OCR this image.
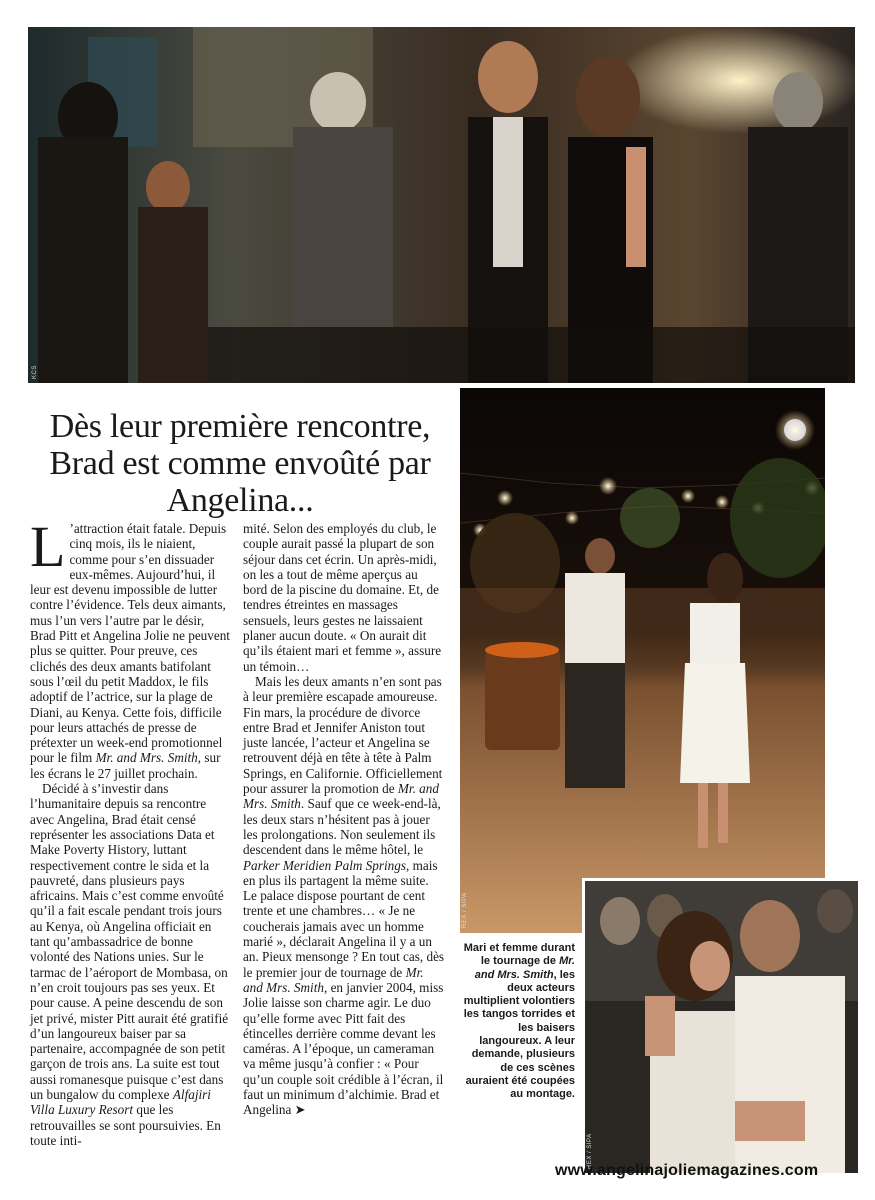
KCS
Dès leur première rencontre, Brad est comme envoûté par Angelina...

L ’attraction était fatale. Depuis cinq mois, ils le niaient, comme pour s’en dissuader eux-mêmes. Aujourd’hui, il leur est devenu impossible de lutter contre l’évidence. Tels deux aimants, mus l’un vers l’autre par le désir, Brad Pitt et Angelina Jolie ne peuvent plus se quitter. Pour preuve, ces clichés des deux amants batifolant sous l’œil du petit Maddox, le fils adoptif de l’actrice, sur la plage de Diani, au Kenya. Cette fois, difficile pour leurs attachés de presse de prétexter un week-end promotionnel pour le film Mr. and Mrs. Smith, sur les écrans le 27 juillet prochain.

Décidé à s’investir dans l’humanitaire depuis sa rencontre avec Angelina, Brad était censé représenter les associations Data et Make Poverty History, luttant respectivement contre le sida et la pauvreté, dans plusieurs pays africains. Mais c’est comme envoûté qu’il a fait escale pendant trois jours au Kenya, où Angelina officiait en tant qu’ambassadrice de bonne volonté des Nations unies. Sur le tarmac de l’aéroport de Mombasa, on n’en croit toujours pas ses yeux. Et pour cause. A peine descendu de son jet privé, mister Pitt aurait été gratifié d’un langoureux baiser par sa partenaire, accompagnée de son petit garçon de trois ans. La suite est tout aussi romanesque puisque c’est dans un bungalow du complexe Alfajiri Villa Luxury Resort que les retrouvailles se sont poursuivies. En toute inti-

mité. Selon des employés du club, le couple aurait passé la plupart de son séjour dans cet écrin. Un après-midi, on les a tout de même aperçus au bord de la piscine du domaine. Et, de tendres étreintes en massages sensuels, leurs gestes ne laissaient planer aucun doute. « On aurait dit qu’ils étaient mari et femme », assure un témoin…

Mais les deux amants n’en sont pas à leur première escapade amoureuse. Fin mars, la procédure de divorce entre Brad et Jennifer Aniston tout juste lancée, l’acteur et Angelina se retrouvent déjà en tête à tête à Palm Springs, en Californie. Officiellement pour assurer la promotion de Mr. and Mrs. Smith. Sauf que ce week-end-là, les deux stars n’hésitent pas à jouer les prolongations. Non seulement ils descendent dans le même hôtel, le Parker Meridien Palm Springs, mais en plus ils partagent la même suite. Le palace dispose pourtant de cent trente et une chambres… « Je ne coucherais jamais avec un homme marié », déclarait Angelina il y a un an. Pieux mensonge ? En tout cas, dès le premier jour de tournage de Mr. and Mrs. Smith, en janvier 2004, miss Jolie laisse son charme agir. Le duo qu’elle forme avec Pitt fait des étincelles derrière comme devant les caméras. A l’époque, un cameraman va même jusqu’à confier : « Pour qu’un couple soit crédible à l’écran, il faut un minimum d’alchimie. Brad et Angelina ➤

REX / SIPA

Mari et femme durant le tournage de Mr. and Mrs. Smith, les deux acteurs multiplient volontiers les tangos torrides et les baisers langoureux. A leur demande, plusieurs de ces scènes auraient été coupées au montage.

REX / SIPA
www.angelinajoliemagazines.com
